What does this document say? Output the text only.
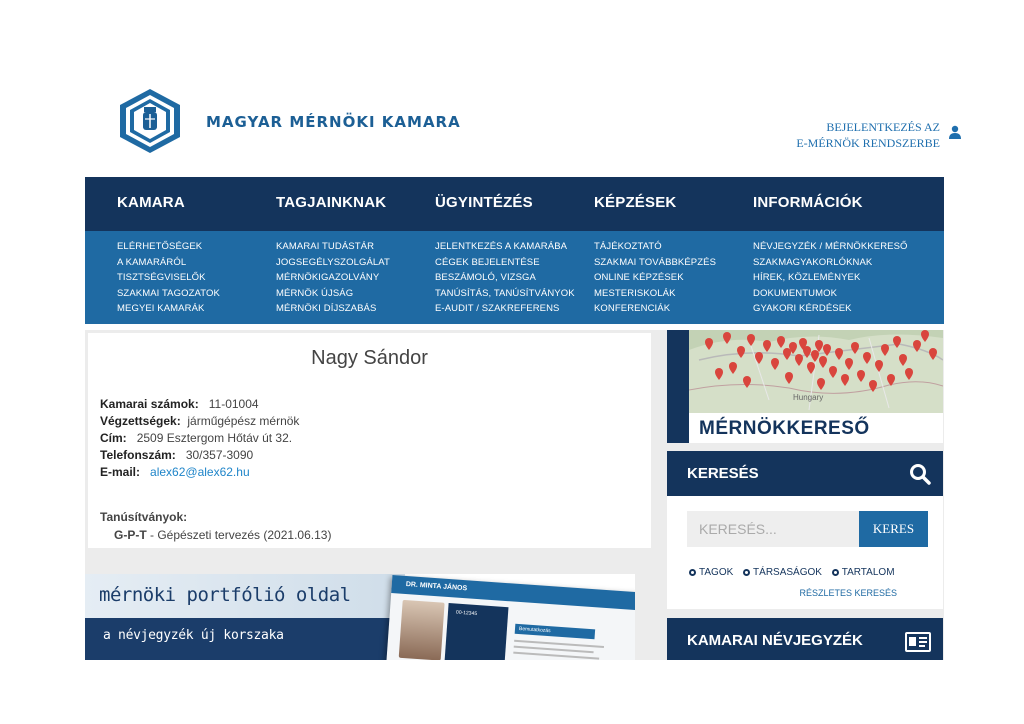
MAGYAR MÉRNÖKI KAMARA	BEJELENTKEZÉS AZ
E-MÉRNÖK RENDSZERBE
KAMARA
ELÉRHETŐSÉGEK
A KAMARÁRÓL
TISZTSÉGVISELŐK
SZAKMAI TAGOZATOK
MEGYEI KAMARÁK
TAGJAINKNAK
KAMARAI TUDÁSTÁR
JOGSEGÉLYSZOLGÁLAT
MÉRNÖKIGAZOLVÁNY
MÉRNÖK ÚJSÁG
MÉRNÖKI DÍJSZABÁS
ÜGYINTÉZÉS
JELENTKEZÉS A KAMARÁBA
CÉGEK BEJELENTÉSE
BESZÁMOLÓ, VIZSGA
TANÚSÍTÁS, TANÚSÍTVÁNYOK
E-AUDIT / SZAKREFERENS
KÉPZÉSEK
TÁJÉKOZTATÓ
SZAKMAI TOVÁBBKÉPZÉS
ONLINE KÉPZÉSEK
MESTERISKOLÁK
KONFERENCIÁK
INFORMÁCIÓK
NÉVJEGYZÉK / MÉRNÖKKERESŐ
SZAKMAGYAKORLÓKNAK
HÍREK, KÖZLEMÉNYEK
DOKUMENTUMOK
GYAKORI KÉRDÉSEK
Nagy Sándor
Kamarai számok: 11-01004
Végzettségek: járműgépész mérnök
Cím: 2509 Esztergom Hőtáv út 32.
Telefonszám: 30/357-3090
E-mail: alex62@alex62.hu
Tanúsítványok:
G-P-T - Gépészeti tervezés (2021.06.13)
mérnöki portfólió oldal
a névjegyzék új korszaka
DR. MINTA JÁNOS
00-12345
Bemutatkozás
Hungary
MÉRNÖKKERESŐ
KERESÉS
KERESÉS...
KERES
TAGOK TÁRSASÁGOK TARTALOM
RÉSZLETES KERESÉS
KAMARAI NÉVJEGYZÉK
